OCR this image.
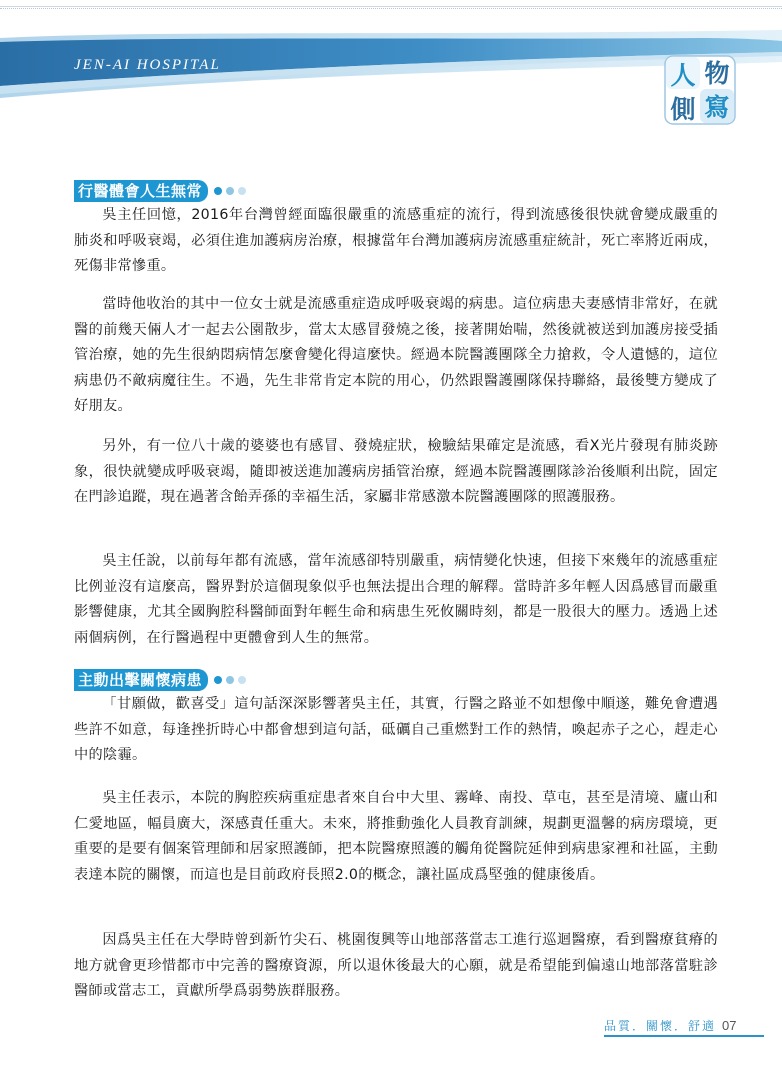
JEN-AI HOSPITAL	人 物
側 寫
行醫體會人生無常

吳主任回憶，2016年台灣曾經面臨很嚴重的流感重症的流行，得到流感後很快就會變成嚴重的肺炎和呼吸衰竭，必須住進加護病房治療，根據當年台灣加護病房流感重症統計，死亡率將近兩成，死傷非常慘重。

當時他收治的其中一位女士就是流感重症造成呼吸衰竭的病患。這位病患夫妻感情非常好，在就醫的前幾天倆人才一起去公園散步，當太太感冒發燒之後，接著開始喘，然後就被送到加護房接受插管治療，她的先生很納悶病情怎麼會變化得這麼快。經過本院醫護團隊全力搶救，令人遺憾的，這位病患仍不敵病魔往生。不過，先生非常肯定本院的用心，仍然跟醫護團隊保持聯絡，最後雙方變成了好朋友。

另外，有一位八十歲的婆婆也有感冒、發燒症狀，檢驗結果確定是流感，看X光片發現有肺炎跡象，很快就變成呼吸衰竭，隨即被送進加護病房插管治療，經過本院醫護團隊診治後順利出院，固定在門診追蹤，現在過著含飴弄孫的幸福生活，家屬非常感激本院醫護團隊的照護服務。

吳主任說，以前每年都有流感，當年流感卻特別嚴重，病情變化快速，但接下來幾年的流感重症比例並沒有這麼高，醫界對於這個現象似乎也無法提出合理的解釋。當時許多年輕人因爲感冒而嚴重影響健康，尤其全國胸腔科醫師面對年輕生命和病患生死攸關時刻，都是一股很大的壓力。透過上述兩個病例，在行醫過程中更體會到人生的無常。

主動出擊關懷病患

「甘願做，歡喜受」這句話深深影響著吳主任，其實，行醫之路並不如想像中順遂，難免會遭遇些許不如意，每逢挫折時心中都會想到這句話，砥礪自己重燃對工作的熱情，喚起赤子之心，趕走心中的陰霾。

吳主任表示，本院的胸腔疾病重症患者來自台中大里、霧峰、南投、草屯，甚至是清境、廬山和仁愛地區，幅員廣大，深感責任重大。未來，將推動強化人員教育訓練，規劃更溫馨的病房環境，更重要的是要有個案管理師和居家照護師，把本院醫療照護的觸角從醫院延伸到病患家裡和社區，主動表達本院的關懷，而這也是目前政府長照2.0的概念，讓社區成爲堅強的健康後盾。

因爲吳主任在大學時曾到新竹尖石、桃園復興等山地部落當志工進行巡迴醫療，看到醫療貧瘠的地方就會更珍惜都市中完善的醫療資源，所以退休後最大的心願，就是希望能到偏遠山地部落當駐診醫師或當志工，貢獻所學爲弱勢族群服務。

品質．關懷．舒適 07
